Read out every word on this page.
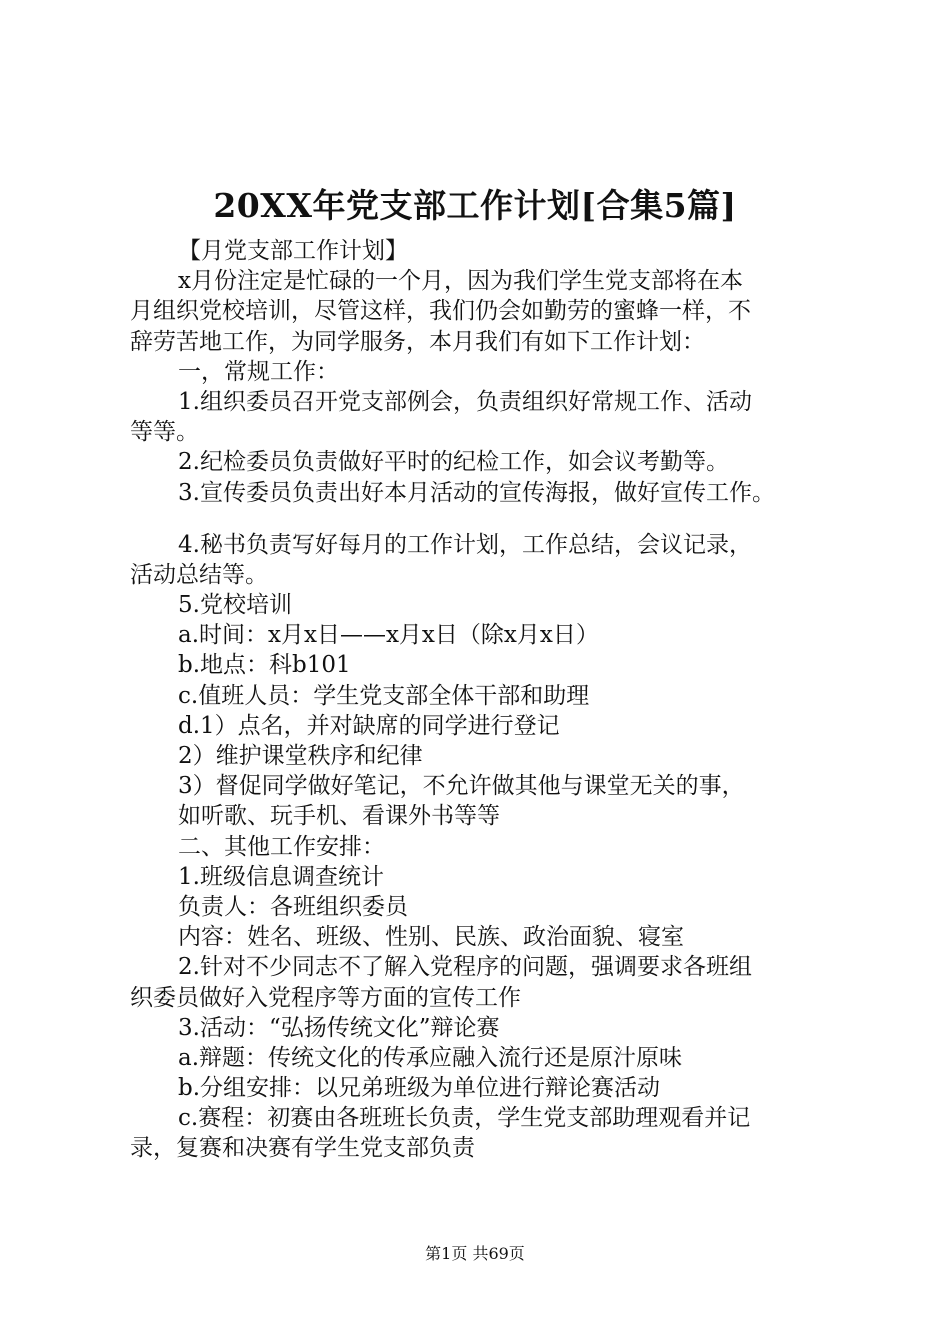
20XX年党支部工作计划[合集5篇]
【月党支部工作计划】
x月份注定是忙碌的一个月，因为我们学生党支部将在本
月组织党校培训，尽管这样，我们仍会如勤劳的蜜蜂一样，不
辞劳苦地工作，为同学服务，本月我们有如下工作计划：
一，常规工作：
1.组织委员召开党支部例会，负责组织好常规工作、活动
等等。
2.纪检委员负责做好平时的纪检工作，如会议考勤等。
3.宣传委员负责出好本月活动的宣传海报，做好宣传工作。
4.秘书负责写好每月的工作计划，工作总结，会议记录，
活动总结等。
5.党校培训
a.时间：x月x日——x月x日（除x月x日）
b.地点：科b101
c.值班人员：学生党支部全体干部和助理
d.1）点名，并对缺席的同学进行登记
2）维护课堂秩序和纪律
3）督促同学做好笔记，不允许做其他与课堂无关的事，
如听歌、玩手机、看课外书等等
二、其他工作安排：
1.班级信息调查统计
负责人：各班组织委员
内容：姓名、班级、性别、民族、政治面貌、寝室
2.针对不少同志不了解入党程序的问题，强调要求各班组
织委员做好入党程序等方面的宣传工作
3.活动：“弘扬传统文化”辩论赛
a.辩题：传统文化的传承应融入流行还是原汁原味
b.分组安排：以兄弟班级为单位进行辩论赛活动
c.赛程：初赛由各班班长负责，学生党支部助理观看并记
录，复赛和决赛有学生党支部负责
第1页 共69页
